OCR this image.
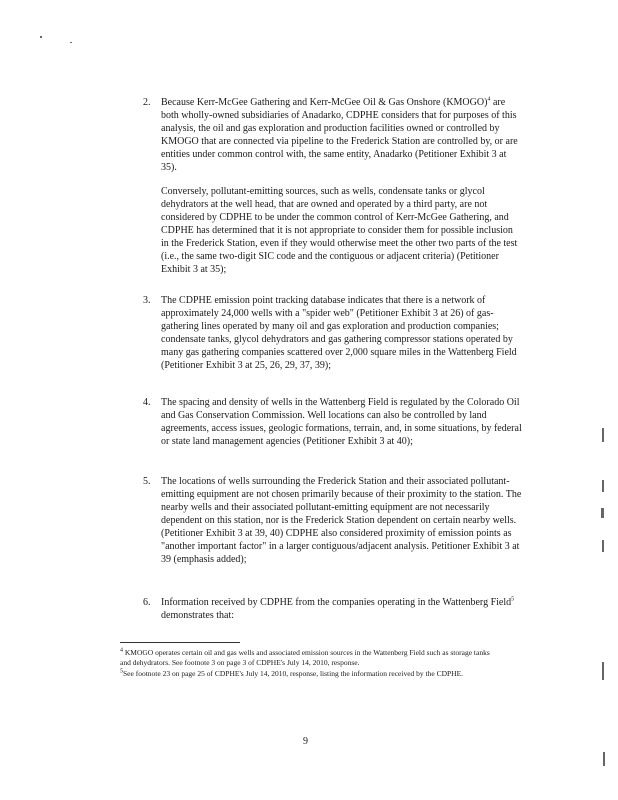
2. Because Kerr-McGee Gathering and Kerr-McGee Oil & Gas Onshore (KMOGO)$^4$ are both wholly-owned subsidiaries of Anadarko, CDPHE considers that for purposes of this analysis, the oil and gas exploration and production facilities owned or controlled by KMOGO that are connected via pipeline to the Frederick Station are controlled by, or are entities under common control with, the same entity, Anadarko (Petitioner Exhibit 3 at 35).

Conversely, pollutant-emitting sources, such as wells, condensate tanks or glycol dehydrators at the well head, that are owned and operated by a third party, are not considered by CDPHE to be under the common control of Kerr-McGee Gathering, and CDPHE has determined that it is not appropriate to consider them for possible inclusion in the Frederick Station, even if they would otherwise meet the other two parts of the test (i.e., the same two-digit SIC code and the contiguous or adjacent criteria) (Petitioner Exhibit 3 at 35);

3. The CDPHE emission point tracking database indicates that there is a network of approximately 24,000 wells with a "spider web" (Petitioner Exhibit 3 at 26) of gas-gathering lines operated by many oil and gas exploration and production companies; condensate tanks, glycol dehydrators and gas gathering compressor stations operated by many gas gathering companies scattered over 2,000 square miles in the Wattenberg Field (Petitioner Exhibit 3 at 25, 26, 29, 37, 39);

4. The spacing and density of wells in the Wattenberg Field is regulated by the Colorado Oil and Gas Conservation Commission. Well locations can also be controlled by land agreements, access issues, geologic formations, terrain, and, in some situations, by federal or state land management agencies (Petitioner Exhibit 3 at 40);

5. The locations of wells surrounding the Frederick Station and their associated pollutant-emitting equipment are not chosen primarily because of their proximity to the station. The nearby wells and their associated pollutant-emitting equipment are not necessarily dependent on this station, nor is the Frederick Station dependent on certain nearby wells. (Petitioner Exhibit 3 at 39, 40) CDPHE also considered proximity of emission points as "another important factor" in a larger contiguous/adjacent analysis. Petitioner Exhibit 3 at 39 (emphasis added);

6. Information received by CDPHE from the companies operating in the Wattenberg Field$^5$ demonstrates that:

$^4$ KMOGO operates certain oil and gas wells and associated emission sources in the Wattenberg Field such as storage tanks and dehydrators. See footnote 3 on page 3 of CDPHE's July 14, 2010, response.

$^5$See footnote 23 on page 25 of CDPHE's July 14, 2010, response, listing the information received by the CDPHE.

9
